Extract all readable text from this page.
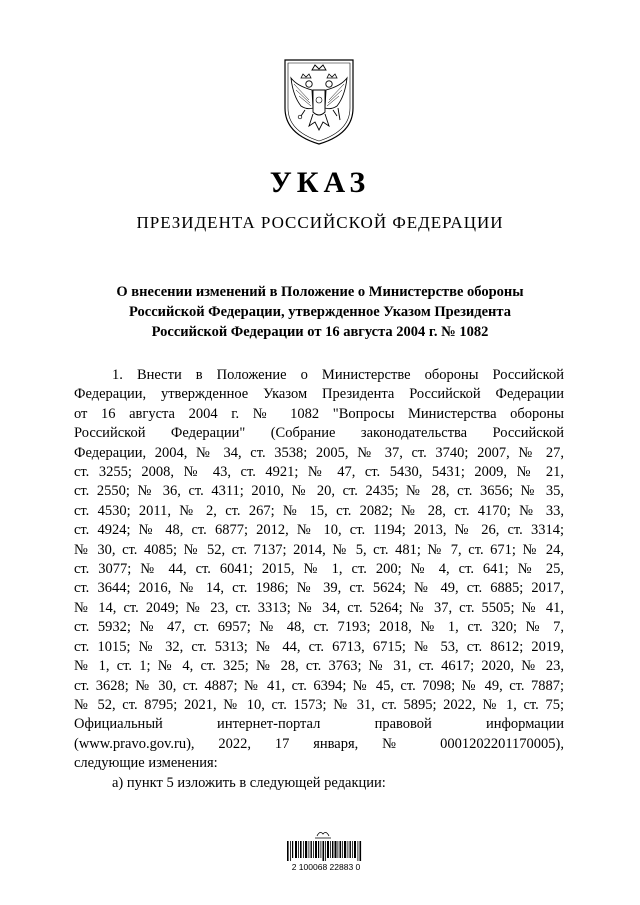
УКАЗ
ПРЕЗИДЕНТА РОССИЙСКОЙ ФЕДЕРАЦИИ
О внесении изменений в Положение о Министерстве обороны
Российской Федерации, утвержденное Указом Президента
Российской Федерации от 16 августа 2004 г. № 1082
1. Внести в Положение о Министерстве обороны Российской
Федерации, утвержденное Указом Президента Российской Федерации
от 16 августа 2004 г. № 1082 "Вопросы Министерства обороны
Российской Федерации" (Собрание законодательства Российской
Федерации, 2004, № 34, ст. 3538; 2005, № 37, ст. 3740; 2007, № 27,
ст. 3255; 2008, № 43, ст. 4921; № 47, ст. 5430, 5431; 2009, № 21,
ст. 2550; № 36, ст. 4311; 2010, № 20, ст. 2435; № 28, ст. 3656; № 35,
ст. 4530; 2011, № 2, ст. 267; № 15, ст. 2082; № 28, ст. 4170; № 33,
ст. 4924; № 48, ст. 6877; 2012, № 10, ст. 1194; 2013, № 26, ст. 3314;
№ 30, ст. 4085; № 52, ст. 7137; 2014, № 5, ст. 481; № 7, ст. 671; № 24,
ст. 3077; № 44, ст. 6041; 2015, № 1, ст. 200; № 4, ст. 641; № 25,
ст. 3644; 2016, № 14, ст. 1986; № 39, ст. 5624; № 49, ст. 6885; 2017,
№ 14, ст. 2049; № 23, ст. 3313; № 34, ст. 5264; № 37, ст. 5505; № 41,
ст. 5932; № 47, ст. 6957; № 48, ст. 7193; 2018, № 1, ст. 320; № 7,
ст. 1015; № 32, ст. 5313; № 44, ст. 6713, 6715; № 53, ст. 8612; 2019,
№ 1, ст. 1; № 4, ст. 325; № 28, ст. 3763; № 31, ст. 4617; 2020, № 23,
ст. 3628; № 30, ст. 4887; № 41, ст. 6394; № 45, ст. 7098; № 49, ст. 7887;
№ 52, ст. 8795; 2021, № 10, ст. 1573; № 31, ст. 5895; 2022, № 1, ст. 75;
Официальный интернет-портал правовой информации
(www.pravo.gov.ru), 2022, 17 января, № 0001202201170005),
следующие изменения:
а) пункт 5 изложить в следующей редакции:
2 100068 22883 0
